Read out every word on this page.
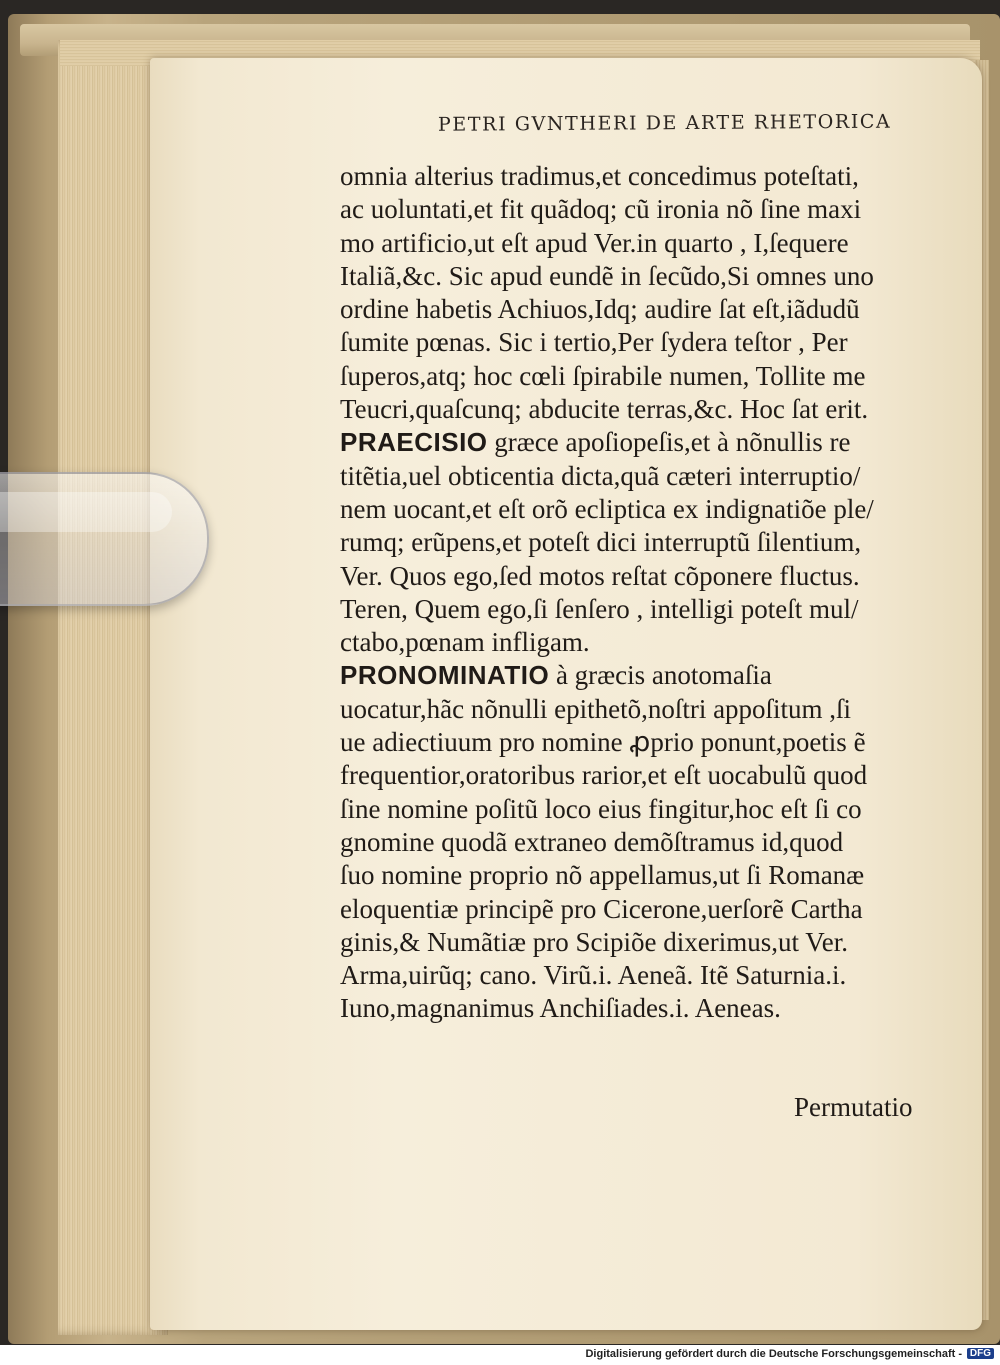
PETRI GVNTHERI DE ARTE RHETORICA
omnia alterius tradimus,et concedimus poteſtati,
ac uoluntati,et fit quãdoq; cũ ironia nõ ſine maxi
mo artificio,ut eſt apud Ver.in quarto , I,ſequere
Italiã,&c. Sic apud eundẽ in ſecũdo,Si omnes uno
ordine habetis Achiuos,Idq; audire ſat eſt,iãdudũ
ſumite pœnas. Sic i tertio,Per ſydera teſtor , Per
ſuperos,atq; hoc cœli ſpirabile numen, Tollite me
Teucri,quaſcunq; abducite terras,&c. Hoc ſat erit.
PRAECISIO græce apoſiopeſis,et à nõnullis re
titẽtia,uel obticentia dicta,quã cæteri interruptio/
nem uocant,et eſt orõ ecliptica ex indignatiõe ple/
rumq; erũpens,et poteſt dici interruptũ ſilentium,
Ver. Quos ego,ſed motos reſtat cõponere fluctus.
Teren, Quem ego,ſi ſenſero , intelligi poteſt mul/
ctabo,pœnam infligam.
PRONOMINATIO à græcis anotomaſia
uocatur,hãc nõnulli epithetõ,noſtri appoſitum ,ſi
ue adiectiuum pro nomine ꝓprio ponunt,poetis ẽ
frequentior,oratoribus rarior,et eſt uocabulũ quod
ſine nomine poſitũ loco eius fingitur,hoc eſt ſi co
gnomine quodã extraneo demõſtramus id,quod
ſuo nomine proprio nõ appellamus,ut ſi Romanæ
eloquentiæ principẽ pro Cicerone,uerſorẽ Cartha
ginis,& Numãtiæ pro Scipiõe dixerimus,ut Ver.
Arma,uirũq; cano. Virũ.i. Aeneã. Itẽ Saturnia.i.
Iuno,magnanimus Anchiſiades.i. Aeneas.
Permutatio
Digitalisierung gefördert durch die Deutsche Forschungsgemeinschaft - DFG
